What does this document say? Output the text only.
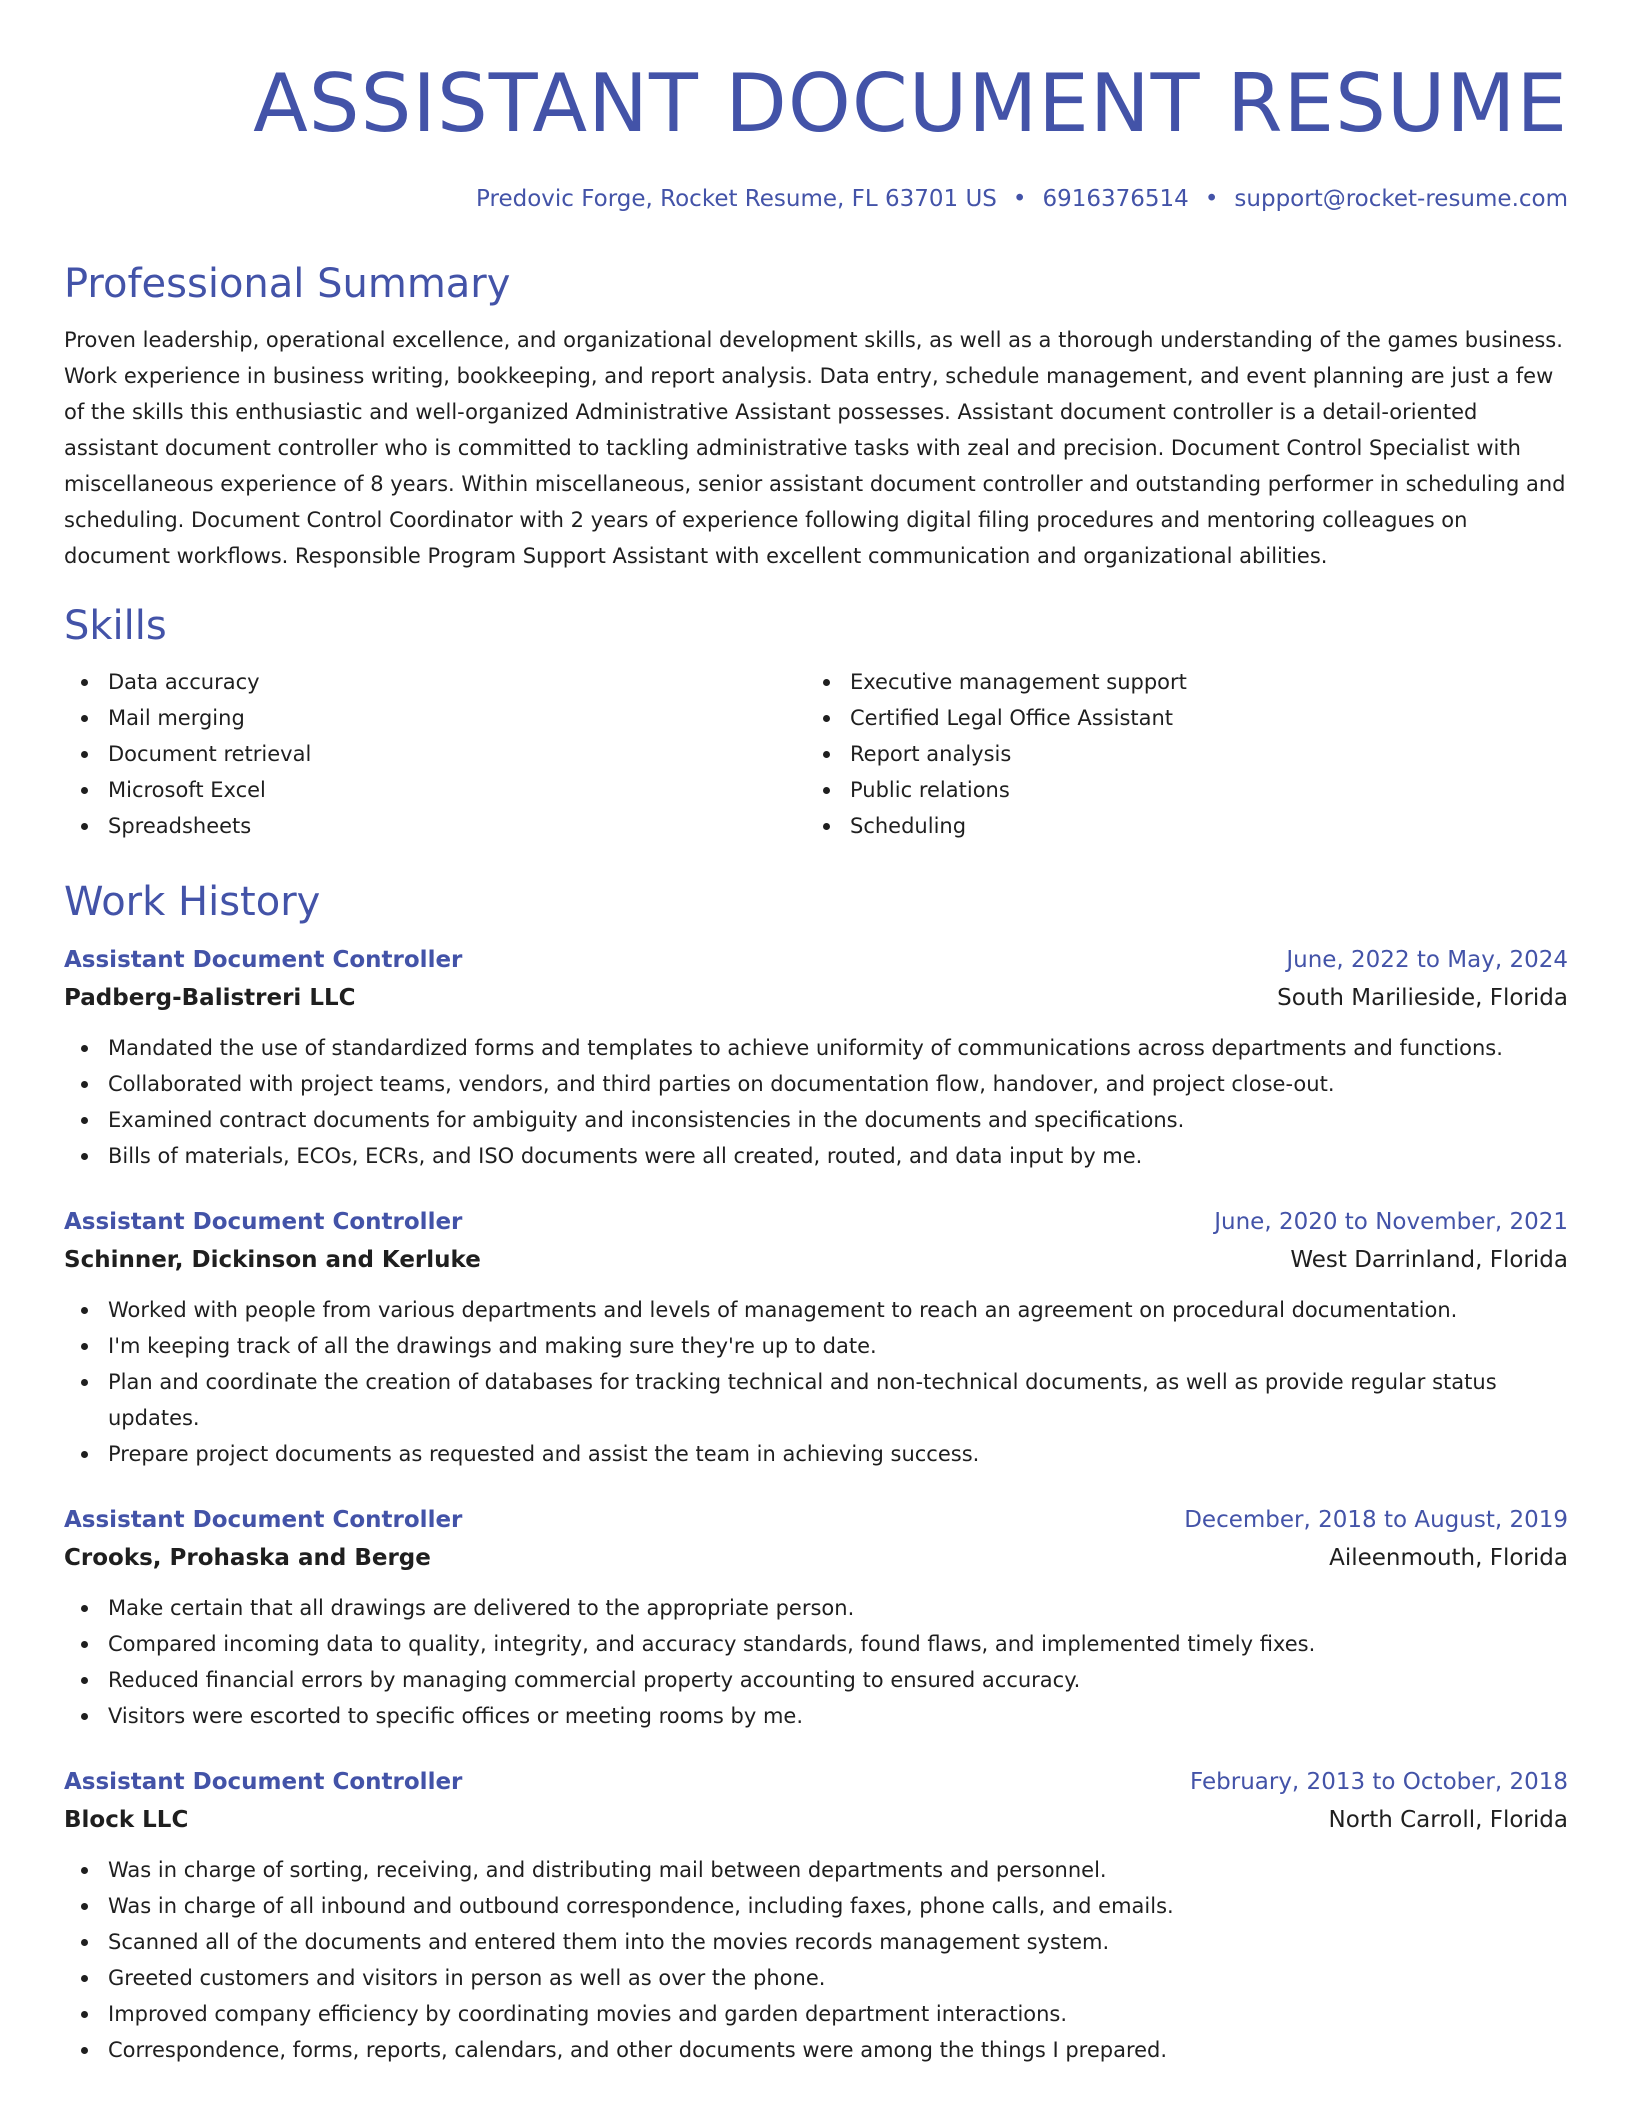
ASSISTANT DOCUMENT RESUME
Predovic Forge, Rocket Resume, FL 63701 US • 6916376514 • support@rocket-resume.com
Professional Summary
Proven leadership, operational excellence, and organizational development skills, as well as a thorough understanding of the games business. Work experience in business writing, bookkeeping, and report analysis. Data entry, schedule management, and event planning are just a few of the skills this enthusiastic and well-organized Administrative Assistant possesses. Assistant document controller is a detail-oriented assistant document controller who is committed to tackling administrative tasks with zeal and precision. Document Control Specialist with miscellaneous experience of 8 years. Within miscellaneous, senior assistant document controller and outstanding performer in scheduling and scheduling. Document Control Coordinator with 2 years of experience following digital filing procedures and mentoring colleagues on document workflows. Responsible Program Support Assistant with excellent communication and organizational abilities.
Skills
Data accuracy
Mail merging
Document retrieval
Microsoft Excel
Spreadsheets
Executive management support
Certified Legal Office Assistant
Report analysis
Public relations
Scheduling
Work History
Assistant Document Controller	June, 2022 to May, 2024
Padberg-Balistreri LLC	South Marilieside, Florida
Mandated the use of standardized forms and templates to achieve uniformity of communications across departments and functions.
Collaborated with project teams, vendors, and third parties on documentation flow, handover, and project close-out.
Examined contract documents for ambiguity and inconsistencies in the documents and specifications.
Bills of materials, ECOs, ECRs, and ISO documents were all created, routed, and data input by me.
Assistant Document Controller	June, 2020 to November, 2021
Schinner, Dickinson and Kerluke	West Darrinland, Florida
Worked with people from various departments and levels of management to reach an agreement on procedural documentation.
I'm keeping track of all the drawings and making sure they're up to date.
Plan and coordinate the creation of databases for tracking technical and non-technical documents, as well as provide regular status updates.
Prepare project documents as requested and assist the team in achieving success.
Assistant Document Controller	December, 2018 to August, 2019
Crooks, Prohaska and Berge	Aileenmouth, Florida
Make certain that all drawings are delivered to the appropriate person.
Compared incoming data to quality, integrity, and accuracy standards, found flaws, and implemented timely fixes.
Reduced financial errors by managing commercial property accounting to ensured accuracy.
Visitors were escorted to specific offices or meeting rooms by me.
Assistant Document Controller	February, 2013 to October, 2018
Block LLC	North Carroll, Florida
Was in charge of sorting, receiving, and distributing mail between departments and personnel.
Was in charge of all inbound and outbound correspondence, including faxes, phone calls, and emails.
Scanned all of the documents and entered them into the movies records management system.
Greeted customers and visitors in person as well as over the phone.
Improved company efficiency by coordinating movies and garden department interactions.
Correspondence, forms, reports, calendars, and other documents were among the things I prepared.
